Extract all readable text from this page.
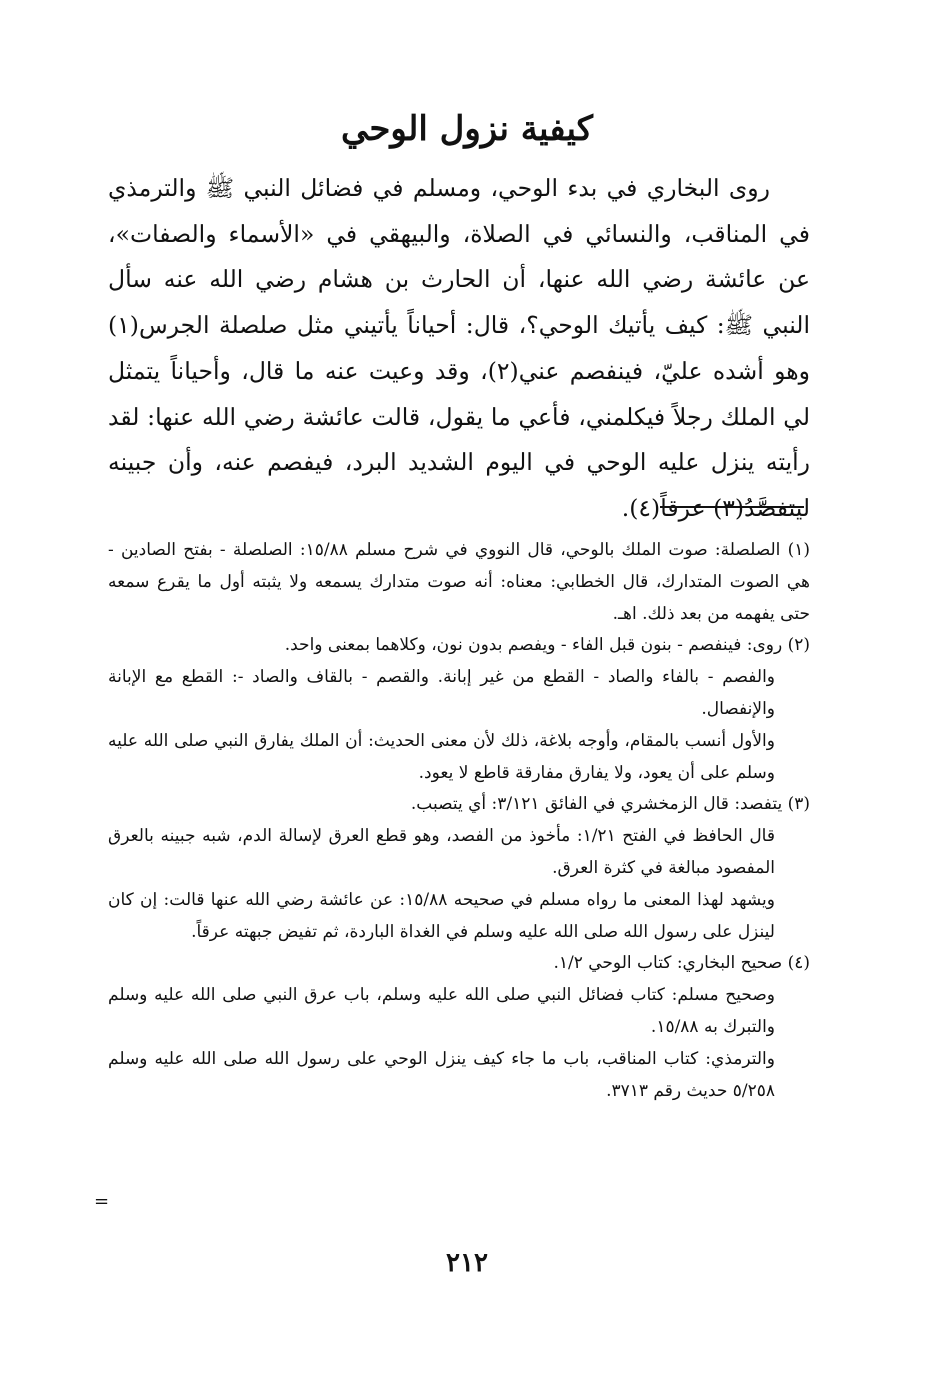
كيفية نزول الوحي

روى البخاري في بدء الوحي، ومسلم في فضائل النبي ﷺ والترمذي في المناقب، والنسائي في الصلاة، والبيهقي في «الأسماء والصفات»، عن عائشة رضي الله عنها، أن الحارث بن هشام رضي الله عنه سأل النبي ﷺ: كيف يأتيك الوحي؟، قال: أحياناً يأتيني مثل صلصلة الجرس(١) وهو أشده عليّ، فينفصم عني(٢)، وقد وعيت عنه ما قال، وأحياناً يتمثل لي الملك رجلاً فيكلمني، فأعي ما يقول، قالت عائشة رضي الله عنها: لقد رأيته ينزل عليه الوحي في اليوم الشديد البرد، فيفصم عنه، وأن جبينه ليتفصَّدُ(٣) عرقاً(٤).

(١) الصلصلة: صوت الملك بالوحي، قال النووي في شرح مسلم ١٥/٨٨: الصلصلة - بفتح الصادين - هي الصوت المتدارك، قال الخطابي: معناه: أنه صوت متدارك يسمعه ولا يثبته أول ما يقرع سمعه حتى يفهمه من بعد ذلك. اهـ.

(٢) روى: فينفصم - بنون قبل الفاء - ويفصم بدون نون، وكلاهما بمعنى واحد.

والفصم - بالفاء والصاد - القطع من غير إبانة. والقصم - بالقاف والصاد -: القطع مع الإبانة والإنفصال.

والأول أنسب بالمقام، وأوجه بلاغة، ذلك لأن معنى الحديث: أن الملك يفارق النبي صلى الله عليه وسلم على أن يعود، ولا يفارق مفارقة قاطع لا يعود.

(٣) يتفصد: قال الزمخشري في الفائق ٣/١٢١: أي يتصبب.

قال الحافظ في الفتح ١/٢١: مأخوذ من الفصد، وهو قطع العرق لإسالة الدم، شبه جبينه بالعرق المفصود مبالغة في كثرة العرق.

ويشهد لهذا المعنى ما رواه مسلم في صحيحه ١٥/٨٨: عن عائشة رضي الله عنها قالت: إن كان لينزل على رسول الله صلى الله عليه وسلم في الغداة الباردة، ثم تفيض جبهته عرقاً.

(٤) صحيح البخاري: كتاب الوحي ١/٢.

وصحيح مسلم: كتاب فضائل النبي صلى الله عليه وسلم، باب عرق النبي صلى الله عليه وسلم والتبرك به ١٥/٨٨.

والترمذي: كتاب المناقب، باب ما جاء كيف ينزل الوحي على رسول الله صلى الله عليه وسلم ٥/٢٥٨ حديث رقم ٣٧١٣.

=
٢١٢
